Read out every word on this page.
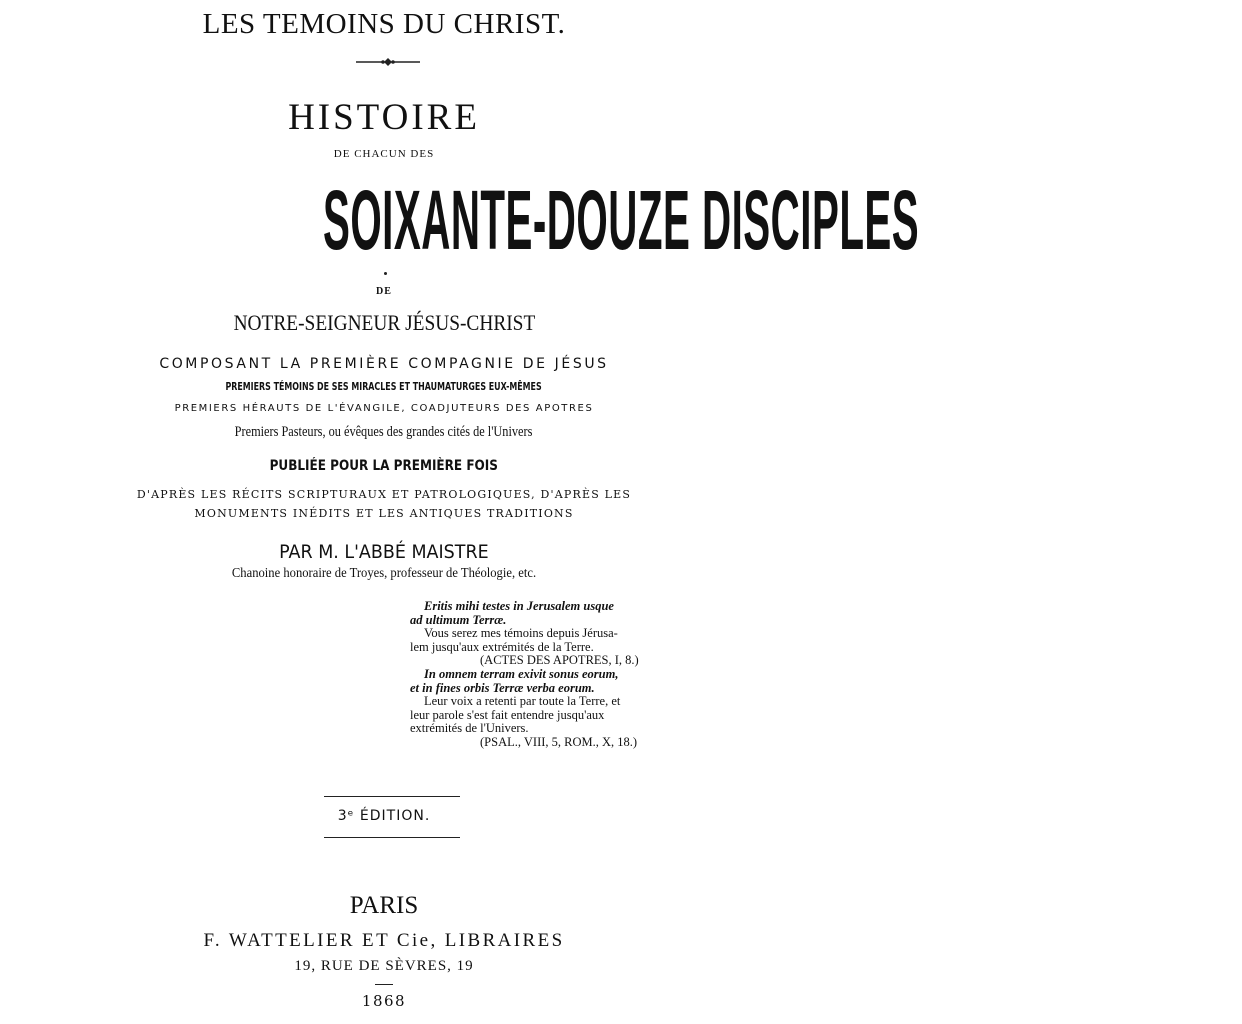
LES TEMOINS DU CHRIST.
HISTOIRE
DE CHACUN DES
SOIXANTE-DOUZE DISCIPLES
DE
NOTRE-SEIGNEUR JÉSUS-CHRIST
COMPOSANT LA PREMIÈRE COMPAGNIE DE JÉSUS
PREMIERS TÉMOINS DE SES MIRACLES ET THAUMATURGES EUX-MÊMES
PREMIERS HÉRAUTS DE L'ÉVANGILE, COADJUTEURS DES APOTRES
Premiers Pasteurs, ou évêques des grandes cités de l'Univers
PUBLIÉE POUR LA PREMIÈRE FOIS
D'APRÈS LES RÉCITS SCRIPTURAUX ET PATROLOGIQUES, D'APRÈS LES
MONUMENTS INÉDITS ET LES ANTIQUES TRADITIONS
PAR M. L'ABBÉ MAISTRE
Chanoine honoraire de Troyes, professeur de Théologie, etc.
Eritis mihi testes in Jerusalem usque
ad ultimum Terræ.
Vous serez mes témoins depuis Jérusa-
lem jusqu'aux extrémités de la Terre.
(ACTES DES APOTRES, I, 8.)
In omnem terram exivit sonus eorum,
et in fines orbis Terræ verba eorum.
Leur voix a retenti par toute la Terre, et
leur parole s'est fait entendre jusqu'aux
extrémités de l'Univers.
(PSAL., VIII, 5, ROM., X, 18.)
3ᵉ ÉDITION.
PARIS
F. WATTELIER ET Cie, LIBRAIRES
19, RUE DE SÈVRES, 19
1868
